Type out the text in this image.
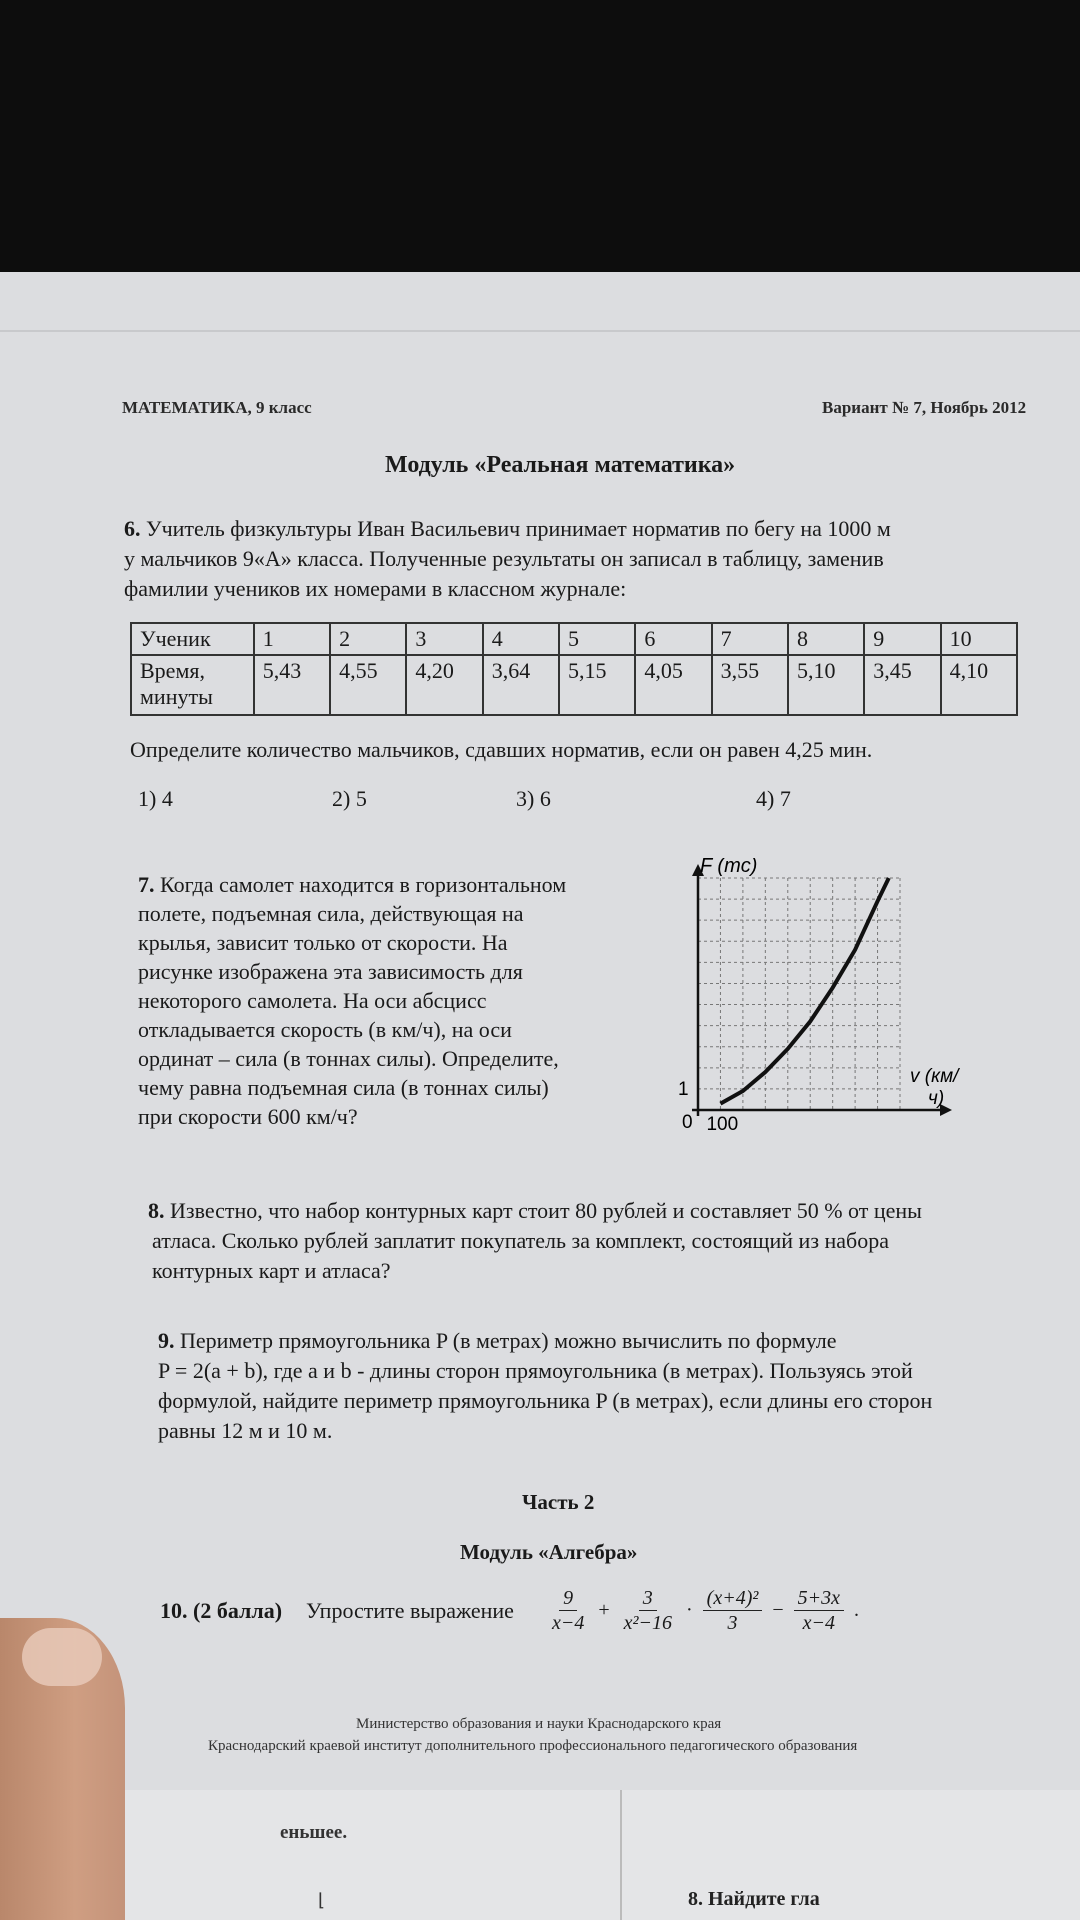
МАТЕМАТИКА, 9 класс	Вариант № 7, Ноябрь 2012
Модуль «Реальная математика»
6. Учитель физкультуры Иван Васильевич принимает норматив по бегу на 1000 м
у мальчиков 9«А» класса. Полученные результаты он записал в таблицу, заменив
фамилии учеников их номерами в классном журнале:
Ученик	1	2	3	4	5	6	7	8	9	10
Время,
минуты	5,43	4,55	4,20	3,64	5,15	4,05	3,55	5,10	3,45	4,10
Определите количество мальчиков, сдавших норматив, если он равен 4,25 мин.
1) 4	2) 5	3) 6	4) 7
7. Когда самолет находится в горизонтальном
полете, подъемная сила, действующая на
крылья, зависит только от скорости. На
рисунке изображена эта зависимость для
некоторого самолета. На оси абсцисс
откладывается скорость (в км/ч), на оси
ординат – сила (в тоннах силы). Определите,
чему равна подъемная сила (в тоннах силы)
при скорости 600 км/ч?
F (mc)
v (км/
ч)
0 100
1
8. Известно, что набор контурных карт стоит 80 рублей и составляет 50 % от цены
атласа. Сколько рублей заплатит покупатель за комплект, состоящий из набора
контурных карт и атласа?
9. Периметр прямоугольника P (в метрах) можно вычислить по формуле
P = 2(a + b), где a и b - длины сторон прямоугольника (в метрах). Пользуясь этой
формулой, найдите периметр прямоугольника P (в метрах), если длины его сторон
равны 12 м и 10 м.
Часть 2
Модуль «Алгебра»
10. (2 балла) Упростите выражение $\frac{9}{x-4} + \frac{3}{\text{x²−16}} \cdot \frac{\text{(x+4)²}}{3} - \frac{5+3x}{x-4}$ .
Министерство образования и науки Краснодарского края
Краснодарский краевой институт дополнительного профессионального педагогического образования
еньшее.
⌊	8. Найдите гла
